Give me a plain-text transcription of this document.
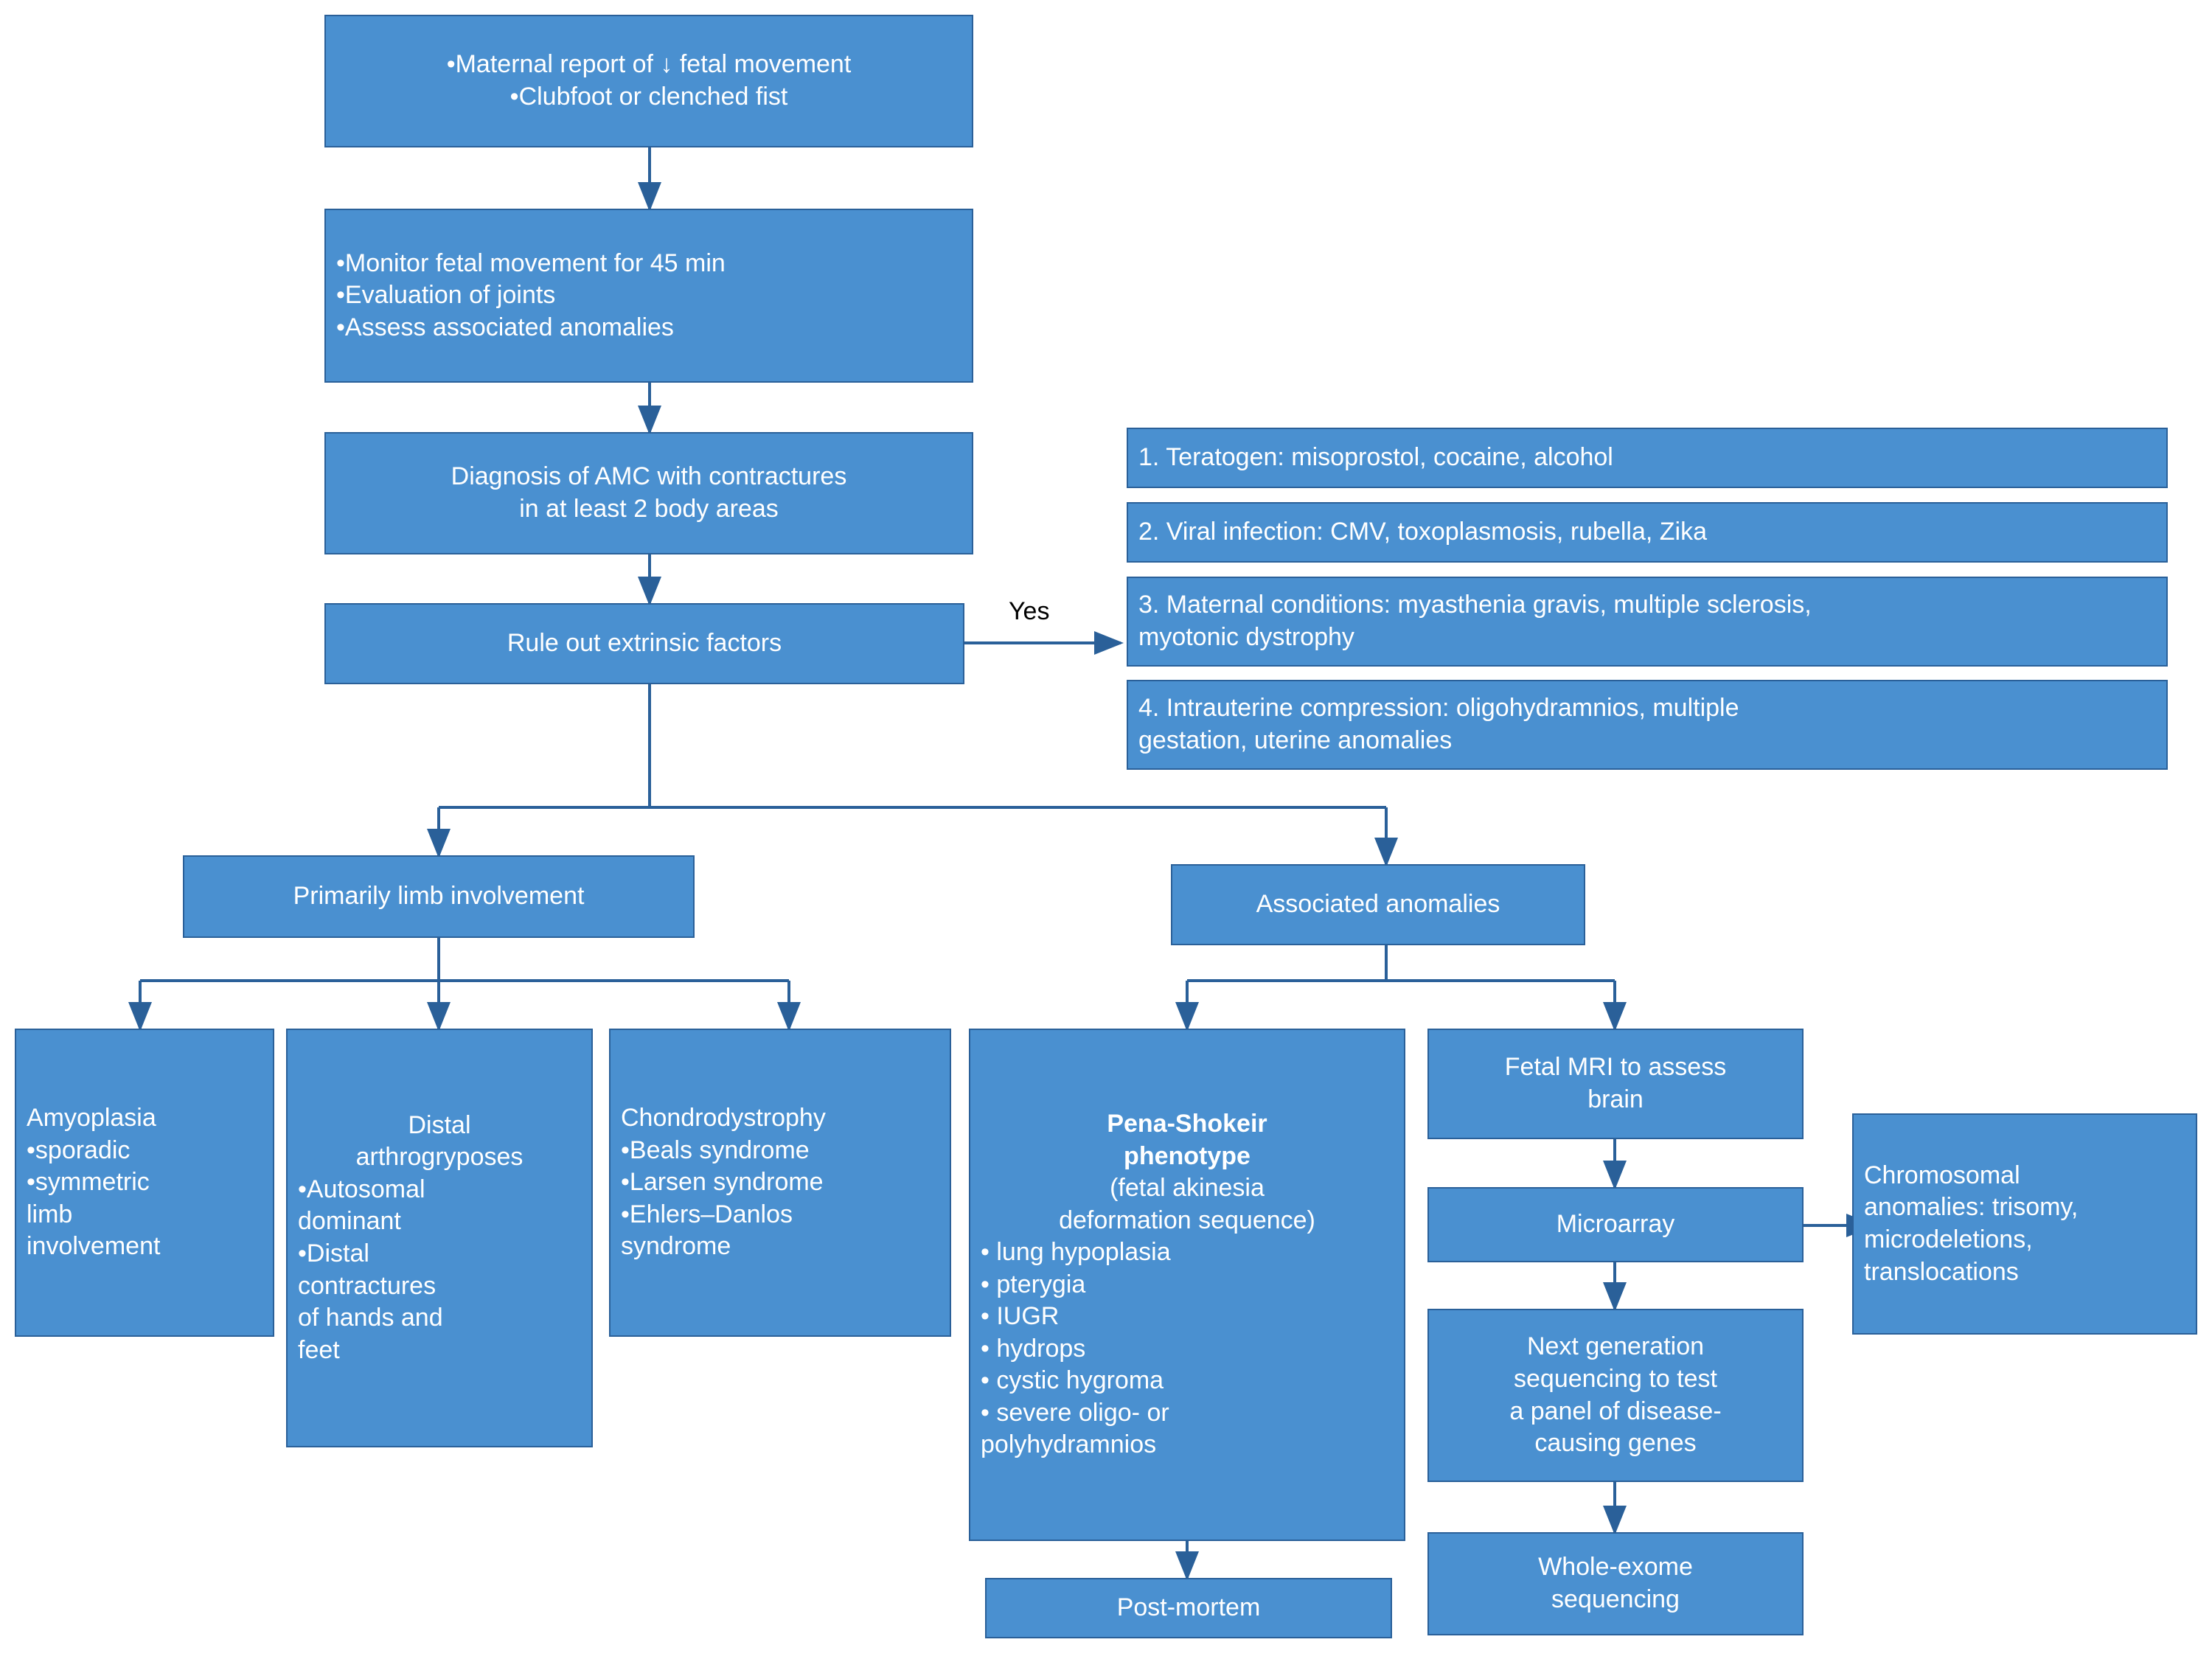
•Maternal report of ↓ fetal movement
•Clubfoot or clenched fist
•Monitor fetal movement for 45 min
•Evaluation of joints
•Assess associated anomalies
Diagnosis of AMC with contractures
in at least 2 body areas
Rule out extrinsic factors
Yes
1. Teratogen: misoprostol, cocaine, alcohol
2. Viral infection: CMV, toxoplasmosis, rubella, Zika
3. Maternal conditions: myasthenia gravis, multiple sclerosis,
myotonic dystrophy
4. Intrauterine compression: oligohydramnios, multiple
gestation, uterine anomalies
Primarily limb involvement	Associated anomalies
Amyoplasia
•sporadic
•symmetric
limb
involvement
Distal
arthrogryposes
•Autosomal
dominant
•Distal
contractures
of hands and
feet
Chondrodystrophy
•Beals syndrome
•Larsen syndrome
•Ehlers–Danlos
syndrome
Pena-Shokeir
phenotype
(fetal akinesia
deformation sequence)
• lung hypoplasia
• pterygia
• IUGR
• hydrops
• cystic hygroma
• severe oligo- or
polyhydramnios
Post-mortem
Fetal MRI to assess
brain
Microarray
Next generation
sequencing to test
a panel of disease-
causing genes
Whole-exome
sequencing
Chromosomal
anomalies: trisomy,
microdeletions,
translocations
